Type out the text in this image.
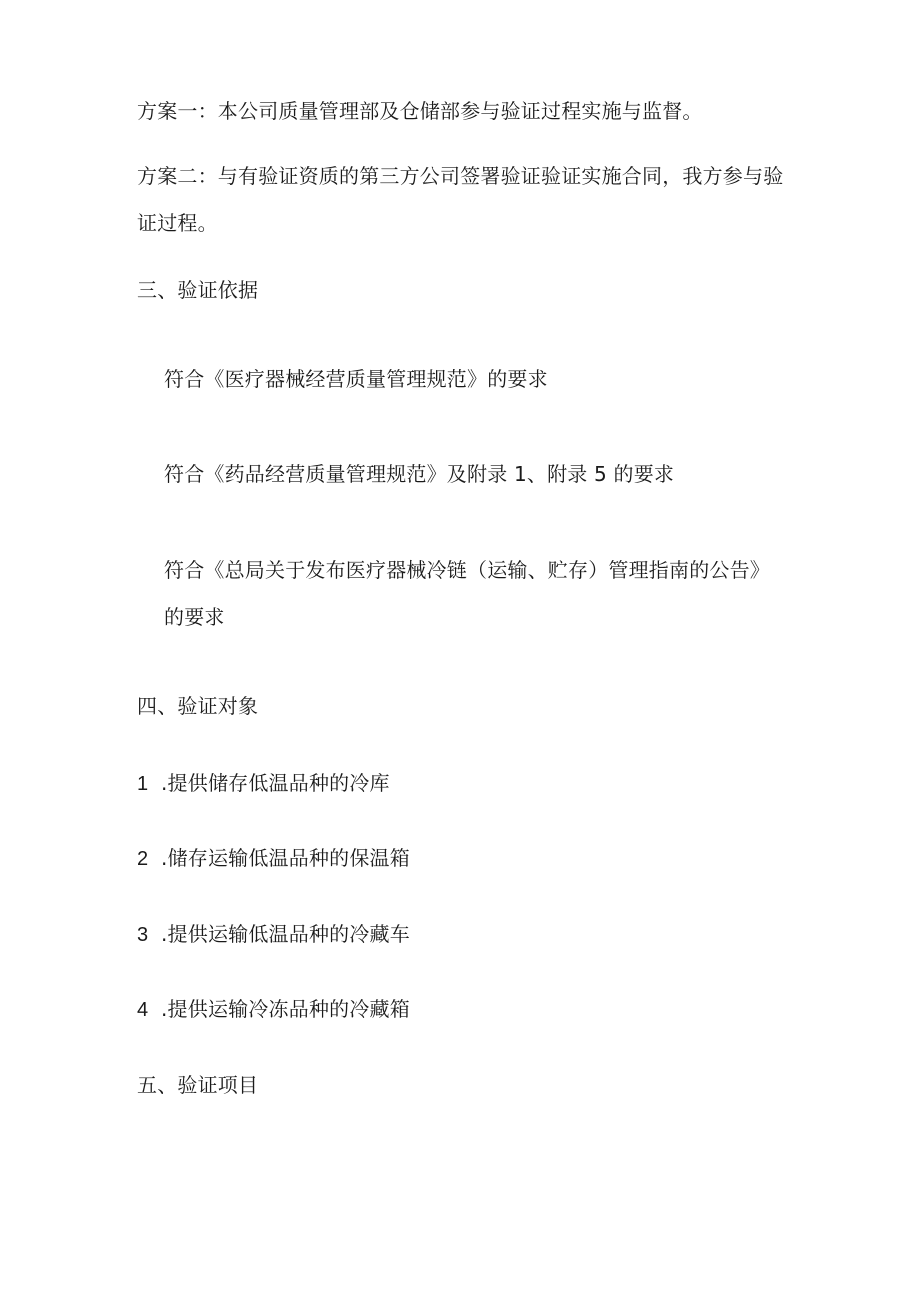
方案一：本公司质量管理部及仓储部参与验证过程实施与监督。
方案二：与有验证资质的第三方公司签署验证验证实施合同，我方参与验
证过程。
三、验证依据
符合《医疗器械经营质量管理规范》的要求
符合《药品经营质量管理规范》及附录 1、附录 5 的要求
符合《总局关于发布医疗器械冷链（运输、贮存）管理指南的公告》
的要求
四、验证对象
1 .提供储存低温品种的冷库
2 .储存运输低温品种的保温箱
3 .提供运输低温品种的冷藏车
4 .提供运输冷冻品种的冷藏箱
五、验证项目
